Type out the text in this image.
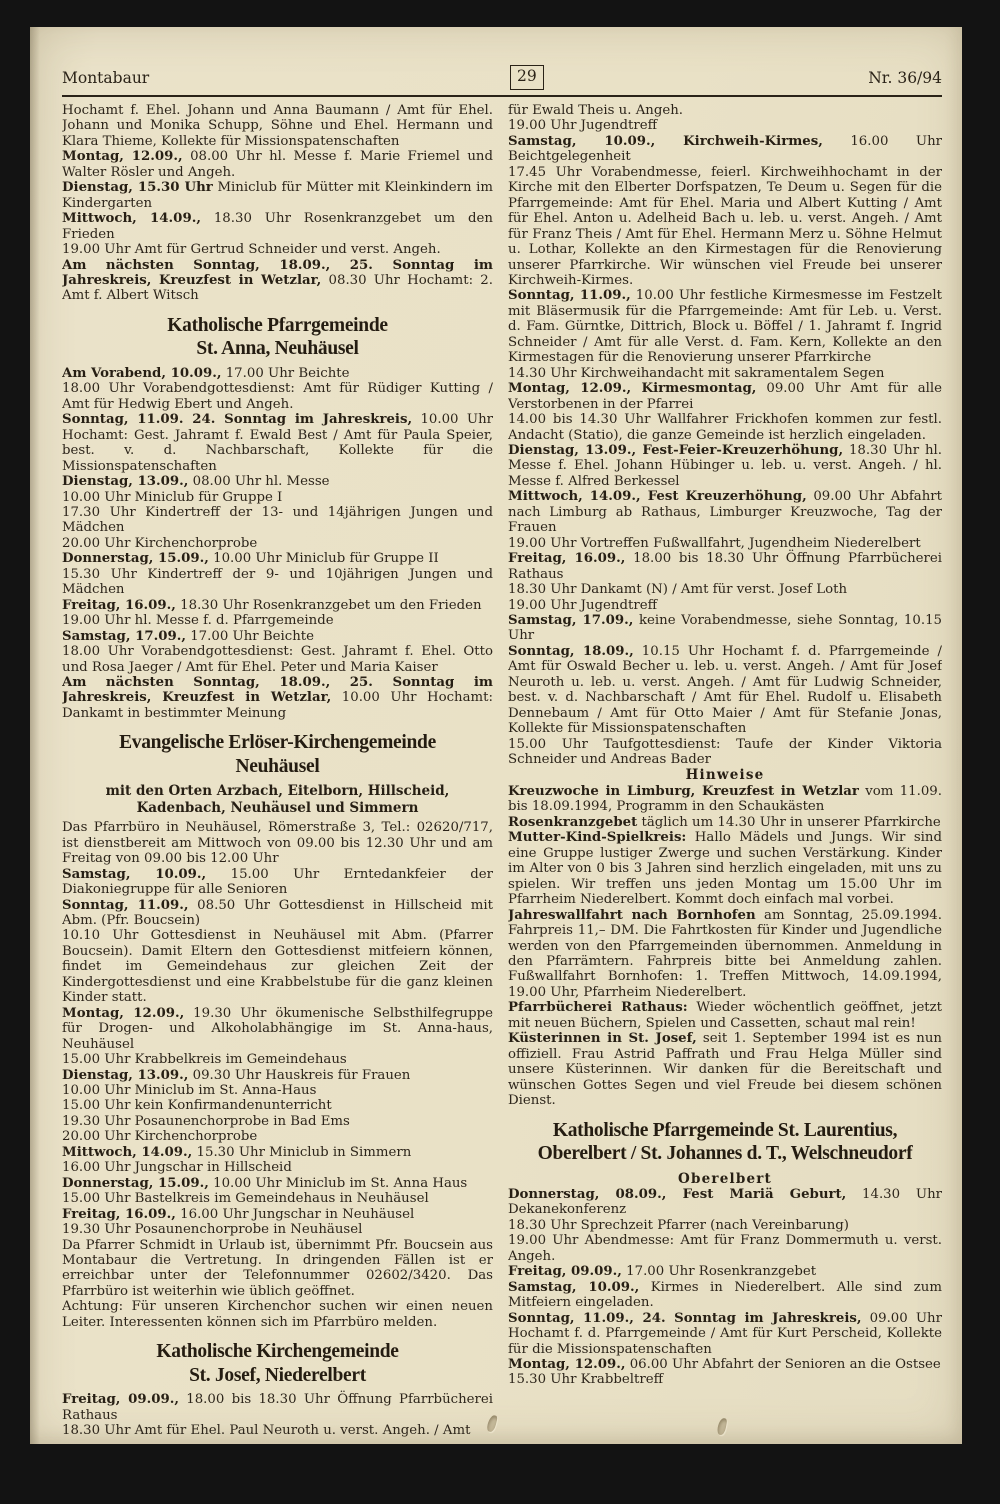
Montabaur	29	Nr. 36/94

Hochamt f. Ehel. Johann und Anna Baumann / Amt für Ehel. Johann und Monika Schupp, Söhne und Ehel. Hermann und Klara Thieme, Kollekte für Missionspatenschaften

Montag, 12.09., 08.00 Uhr hl. Messe f. Marie Friemel und Walter Rösler und Angeh.

Dienstag, 15.30 Uhr Miniclub für Mütter mit Kleinkindern im Kindergarten

Mittwoch, 14.09., 18.30 Uhr Rosenkranzgebet um den Frieden

19.00 Uhr Amt für Gertrud Schneider und verst. Angeh.

Am nächsten Sonntag, 18.09., 25. Sonntag im Jahreskreis, Kreuzfest in Wetzlar, 08.30 Uhr Hochamt: 2. Amt f. Albert Witsch

Katholische Pfarrgemeinde
St. Anna, Neuhäusel

Am Vorabend, 10.09., 17.00 Uhr Beichte

18.00 Uhr Vorabendgottesdienst: Amt für Rüdiger Kutting / Amt für Hedwig Ebert und Angeh.

Sonntag, 11.09. 24. Sonntag im Jahreskreis, 10.00 Uhr Hochamt: Gest. Jahramt f. Ewald Best / Amt für Paula Speier, best. v. d. Nachbarschaft, Kollekte für die Missionspatenschaften

Dienstag, 13.09., 08.00 Uhr hl. Messe

10.00 Uhr Miniclub für Gruppe I

17.30 Uhr Kindertreff der 13- und 14jährigen Jungen und Mädchen

20.00 Uhr Kirchenchorprobe

Donnerstag, 15.09., 10.00 Uhr Miniclub für Gruppe II

15.30 Uhr Kindertreff der 9- und 10jährigen Jungen und Mädchen

Freitag, 16.09., 18.30 Uhr Rosenkranzgebet um den Frieden

19.00 Uhr hl. Messe f. d. Pfarrgemeinde

Samstag, 17.09., 17.00 Uhr Beichte

18.00 Uhr Vorabendgottesdienst: Gest. Jahramt f. Ehel. Otto und Rosa Jaeger / Amt für Ehel. Peter und Maria Kaiser

Am nächsten Sonntag, 18.09., 25. Sonntag im Jahreskreis, Kreuzfest in Wetzlar, 10.00 Uhr Hochamt: Dankamt in bestimmter Meinung

Evangelische Erlöser-Kirchengemeinde
Neuhäusel
mit den Orten Arzbach, Eitelborn, Hillscheid,
Kadenbach, Neuhäusel und Simmern

Das Pfarrbüro in Neuhäusel, Römerstraße 3, Tel.: 02620/717, ist dienstbereit am Mittwoch von 09.00 bis 12.30 Uhr und am Freitag von 09.00 bis 12.00 Uhr

Samstag, 10.09., 15.00 Uhr Erntedankfeier der Diakoniegruppe für alle Senioren

Sonntag, 11.09., 08.50 Uhr Gottesdienst in Hillscheid mit Abm. (Pfr. Boucsein)

10.10 Uhr Gottesdienst in Neuhäusel mit Abm. (Pfarrer Boucsein). Damit Eltern den Gottesdienst mitfeiern können, findet im Gemeindehaus zur gleichen Zeit der Kindergottesdienst und eine Krabbelstube für die ganz kleinen Kinder statt.

Montag, 12.09., 19.30 Uhr ökumenische Selbsthilfegruppe für Drogen- und Alkoholabhängige im St. Anna-haus, Neuhäusel

15.00 Uhr Krabbelkreis im Gemeindehaus

Dienstag, 13.09., 09.30 Uhr Hauskreis für Frauen

10.00 Uhr Miniclub im St. Anna-Haus

15.00 Uhr kein Konfirmandenunterricht

19.30 Uhr Posaunenchorprobe in Bad Ems

20.00 Uhr Kirchenchorprobe

Mittwoch, 14.09., 15.30 Uhr Miniclub in Simmern

16.00 Uhr Jungschar in Hillscheid

Donnerstag, 15.09., 10.00 Uhr Miniclub im St. Anna Haus

15.00 Uhr Bastelkreis im Gemeindehaus in Neuhäusel

Freitag, 16.09., 16.00 Uhr Jungschar in Neuhäusel

19.30 Uhr Posaunenchorprobe in Neuhäusel

Da Pfarrer Schmidt in Urlaub ist, übernimmt Pfr. Boucsein aus Montabaur die Vertretung. In dringenden Fällen ist er erreichbar unter der Telefonnummer 02602/3420. Das Pfarrbüro ist weiterhin wie üblich geöffnet.

Achtung: Für unseren Kirchenchor suchen wir einen neuen Leiter. Interessenten können sich im Pfarrbüro melden.

Katholische Kirchengemeinde
St. Josef, Niederelbert

Freitag, 09.09., 18.00 bis 18.30 Uhr Öffnung Pfarrbücherei Rathaus

18.30 Uhr Amt für Ehel. Paul Neuroth u. verst. Angeh. / Amt

für Ewald Theis u. Angeh.

19.00 Uhr Jugendtreff

Samstag, 10.09., Kirchweih-Kirmes, 16.00 Uhr Beichtgelegenheit

17.45 Uhr Vorabendmesse, feierl. Kirchweihhochamt in der Kirche mit den Elberter Dorfspatzen, Te Deum u. Segen für die Pfarrgemeinde: Amt für Ehel. Maria und Albert Kutting / Amt für Ehel. Anton u. Adelheid Bach u. leb. u. verst. Angeh. / Amt für Franz Theis / Amt für Ehel. Hermann Merz u. Söhne Helmut u. Lothar, Kollekte an den Kirmestagen für die Renovierung unserer Pfarrkirche. Wir wünschen viel Freude bei unserer Kirchweih-Kirmes.

Sonntag, 11.09., 10.00 Uhr festliche Kirmesmesse im Festzelt mit Bläsermusik für die Pfarrgemeinde: Amt für Leb. u. Verst. d. Fam. Gürntke, Dittrich, Block u. Böffel / 1. Jahramt f. Ingrid Schneider / Amt für alle Verst. d. Fam. Kern, Kollekte an den Kirmestagen für die Renovierung unserer Pfarrkirche

14.30 Uhr Kirchweihandacht mit sakramentalem Segen

Montag, 12.09., Kirmesmontag, 09.00 Uhr Amt für alle Verstorbenen in der Pfarrei

14.00 bis 14.30 Uhr Wallfahrer Frickhofen kommen zur festl. Andacht (Statio), die ganze Gemeinde ist herzlich eingeladen.

Dienstag, 13.09., Fest-Feier-Kreuzerhöhung, 18.30 Uhr hl. Messe f. Ehel. Johann Hübinger u. leb. u. verst. Angeh. / hl. Messe f. Alfred Berkessel

Mittwoch, 14.09., Fest Kreuzerhöhung, 09.00 Uhr Abfahrt nach Limburg ab Rathaus, Limburger Kreuzwoche, Tag der Frauen

19.00 Uhr Vortreffen Fußwallfahrt, Jugendheim Niederelbert

Freitag, 16.09., 18.00 bis 18.30 Uhr Öffnung Pfarrbücherei Rathaus

18.30 Uhr Dankamt (N) / Amt für verst. Josef Loth

19.00 Uhr Jugendtreff

Samstag, 17.09., keine Vorabendmesse, siehe Sonntag, 10.15 Uhr

Sonntag, 18.09., 10.15 Uhr Hochamt f. d. Pfarrgemeinde / Amt für Oswald Becher u. leb. u. verst. Angeh. / Amt für Josef Neuroth u. leb. u. verst. Angeh. / Amt für Ludwig Schneider, best. v. d. Nachbarschaft / Amt für Ehel. Rudolf u. Elisabeth Dennebaum / Amt für Otto Maier / Amt für Stefanie Jonas, Kollekte für Missionspatenschaften

15.00 Uhr Taufgottesdienst: Taufe der Kinder Viktoria Schneider und Andreas Bader

Hinweise

Kreuzwoche in Limburg, Kreuzfest in Wetzlar vom 11.09. bis 18.09.1994, Programm in den Schaukästen

Rosenkranzgebet täglich um 14.30 Uhr in unserer Pfarrkirche

Mutter-Kind-Spielkreis: Hallo Mädels und Jungs. Wir sind eine Gruppe lustiger Zwerge und suchen Verstärkung. Kinder im Alter von 0 bis 3 Jahren sind herzlich eingeladen, mit uns zu spielen. Wir treffen uns jeden Montag um 15.00 Uhr im Pfarrheim Niederelbert. Kommt doch einfach mal vorbei.

Jahreswallfahrt nach Bornhofen am Sonntag, 25.09.1994. Fahrpreis 11,– DM. Die Fahrtkosten für Kinder und Jugendliche werden von den Pfarrgemeinden übernommen. Anmeldung in den Pfarrämtern. Fahrpreis bitte bei Anmeldung zahlen. Fußwallfahrt Bornhofen: 1. Treffen Mittwoch, 14.09.1994, 19.00 Uhr, Pfarrheim Niederelbert.

Pfarrbücherei Rathaus: Wieder wöchentlich geöffnet, jetzt mit neuen Büchern, Spielen und Cassetten, schaut mal rein!

Küsterinnen in St. Josef, seit 1. September 1994 ist es nun offiziell. Frau Astrid Paffrath und Frau Helga Müller sind unsere Küsterinnen. Wir danken für die Bereitschaft und wünschen Gottes Segen und viel Freude bei diesem schönen Dienst.

Katholische Pfarrgemeinde St. Laurentius,
Oberelbert / St. Johannes d. T., Welschneudorf
Oberelbert

Donnerstag, 08.09., Fest Mariä Geburt, 14.30 Uhr Dekanekonferenz

18.30 Uhr Sprechzeit Pfarrer (nach Vereinbarung)

19.00 Uhr Abendmesse: Amt für Franz Dommermuth u. verst. Angeh.

Freitag, 09.09., 17.00 Uhr Rosenkranzgebet

Samstag, 10.09., Kirmes in Niederelbert. Alle sind zum Mitfeiern eingeladen.

Sonntag, 11.09., 24. Sonntag im Jahreskreis, 09.00 Uhr Hochamt f. d. Pfarrgemeinde / Amt für Kurt Perscheid, Kollekte für die Missionspatenschaften

Montag, 12.09., 06.00 Uhr Abfahrt der Senioren an die Ostsee

15.30 Uhr Krabbeltreff
